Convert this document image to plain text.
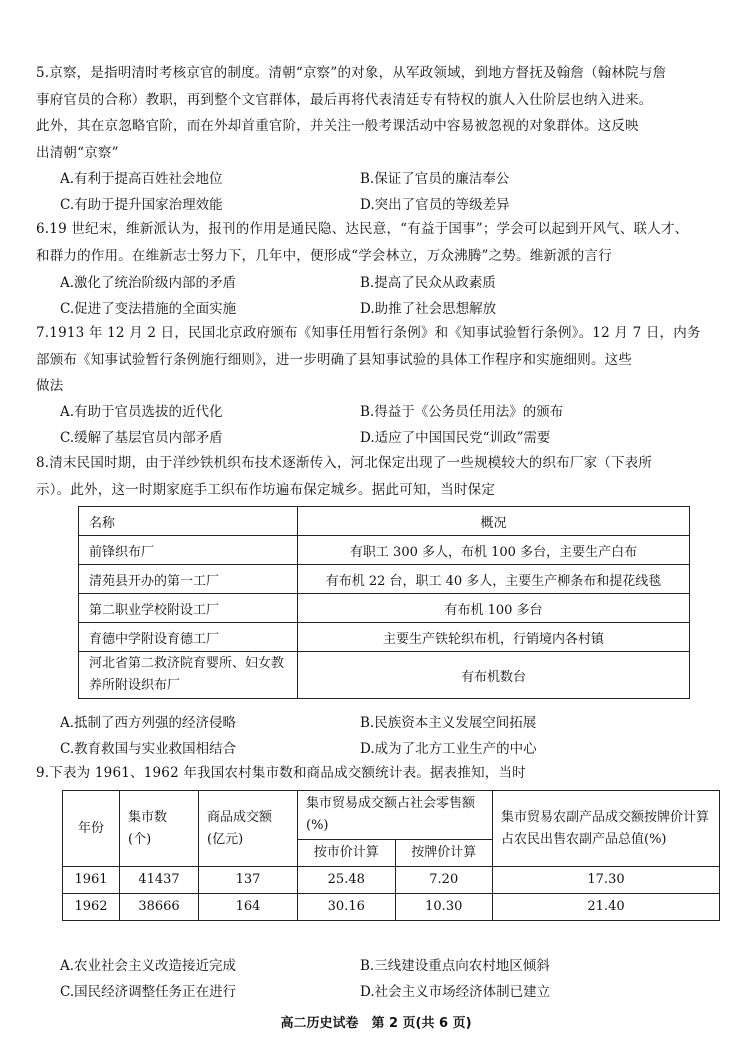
5.京察，是指明清时考核京官的制度。清朝“京察”的对象，从军政领域，到地方督抚及翰詹（翰林院与詹

事府官员的合称）教职，再到整个文官群体，最后再将代表清廷专有特权的旗人入仕阶层也纳入进来。

此外，其在京忽略官阶，而在外却首重官阶，并关注一般考课活动中容易被忽视的对象群体。这反映

出清朝“京察”

A.有利于提高百姓社会地位	B.保证了官员的廉洁奉公
C.有助于提升国家治理效能	D.突出了官员的等级差异

6.19 世纪末，维新派认为，报刊的作用是通民隐、达民意，“有益于国事”；学会可以起到开风气、联人才、

和群力的作用。在维新志士努力下，几年中，便形成“学会林立，万众沸腾”之势。维新派的言行

A.激化了统治阶级内部的矛盾	B.提高了民众从政素质
C.促进了变法措施的全面实施	D.助推了社会思想解放

7.1913 年 12 月 2 日，民国北京政府颁布《知事任用暂行条例》和《知事试验暂行条例》。12 月 7 日，内务

部颁布《知事试验暂行条例施行细则》，进一步明确了县知事试验的具体工作程序和实施细则。这些

做法

A.有助于官员选拔的近代化	B.得益于《公务员任用法》的颁布
C.缓解了基层官员内部矛盾	D.适应了中国国民党“训政”需要

8.清末民国时期，由于洋纱铁机织布技术逐渐传入，河北保定出现了一些规模较大的织布厂家（下表所

示）。此外，这一时期家庭手工织布作坊遍布保定城乡。据此可知，当时保定

名称	概况
前锋织布厂	有职工 300 多人，布机 100 多台，主要生产白布
清苑县开办的第一工厂	有布机 22 台，职工 40 多人，主要生产柳条布和提花线毯
第二职业学校附设工厂	有布机 100 多台
育德中学附设育德工厂	主要生产铁轮织布机，行销境内各村镇
河北省第二救济院育婴所、妇女教养所附设织布厂	有布机数台
A.抵制了西方列强的经济侵略	B.民族资本主义发展空间拓展
C.教育救国与实业救国相结合	D.成为了北方工业生产的中心

9.下表为 1961、1962 年我国农村集市数和商品成交额统计表。据表推知，当时

年份	集市数(个)	商品成交额(亿元)	集市贸易成交额占社会零售额(%)		集市贸易农副产品成交额按牌价计算占农民出售农副产品总值(%)
			按市价计算	按牌价计算	
1961	41437	137	25.48	7.20	17.30
1962	38666	164	30.16	10.30	21.40
A.农业社会主义改造接近完成	B.三线建设重点向农村地区倾斜
C.国民经济调整任务正在进行	D.社会主义市场经济体制已建立
高二历史试卷　第 2 页(共 6 页)
